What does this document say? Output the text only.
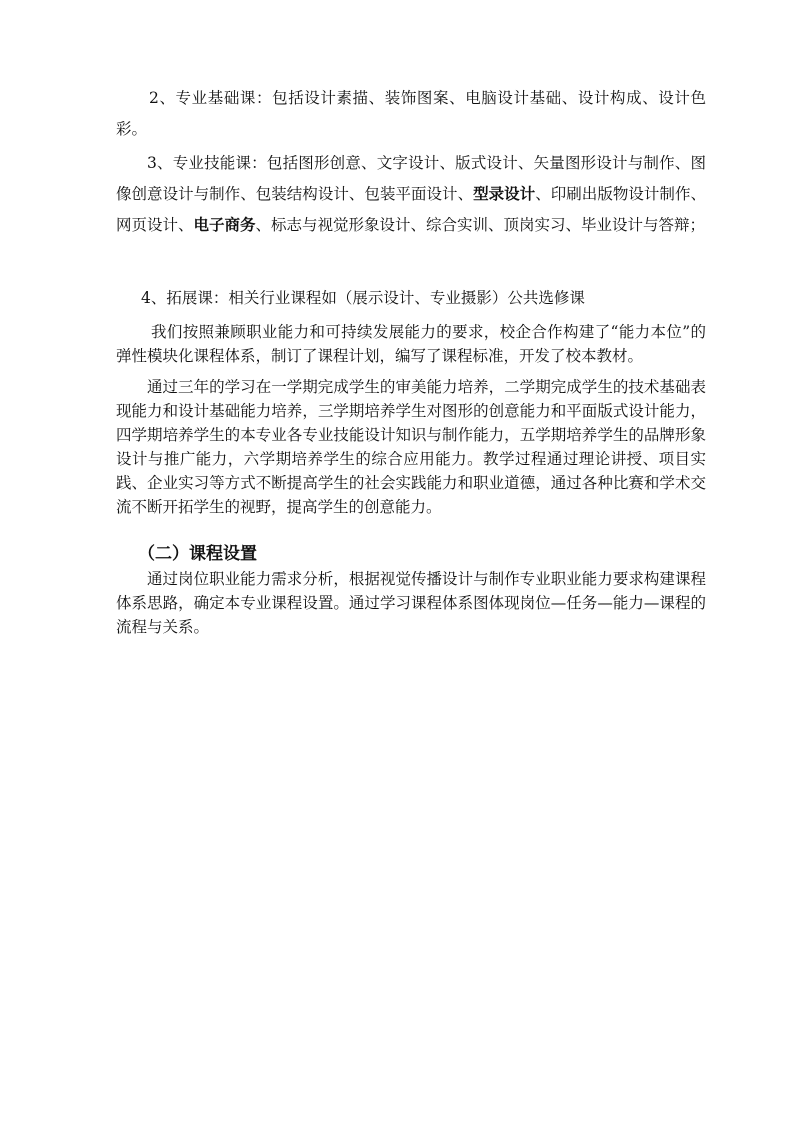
2、专业基础课：包括设计素描、装饰图案、电脑设计基础、设计构成、设计色彩。

3、专业技能课：包括图形创意、文字设计、版式设计、矢量图形设计与制作、图像创意设计与制作、包装结构设计、包装平面设计、型录设计、印刷出版物设计制作、网页设计、电子商务、标志与视觉形象设计、综合实训、顶岗实习、毕业设计与答辩；

4、拓展课：相关行业课程如（展示设计、专业摄影）公共选修课

我们按照兼顾职业能力和可持续发展能力的要求，校企合作构建了“能力本位”的弹性模块化课程体系，制订了课程计划，编写了课程标准，开发了校本教材。

通过三年的学习在一学期完成学生的审美能力培养，二学期完成学生的技术基础表现能力和设计基础能力培养，三学期培养学生对图形的创意能力和平面版式设计能力，四学期培养学生的本专业各专业技能设计知识与制作能力，五学期培养学生的品牌形象设计与推广能力，六学期培养学生的综合应用能力。教学过程通过理论讲授、项目实践、企业实习等方式不断提高学生的社会实践能力和职业道德，通过各种比赛和学术交流不断开拓学生的视野，提高学生的创意能力。

（二）课程设置

通过岗位职业能力需求分析，根据视觉传播设计与制作专业职业能力要求构建课程体系思路，确定本专业课程设置。通过学习课程体系图体现岗位—任务—能力—课程的流程与关系。
